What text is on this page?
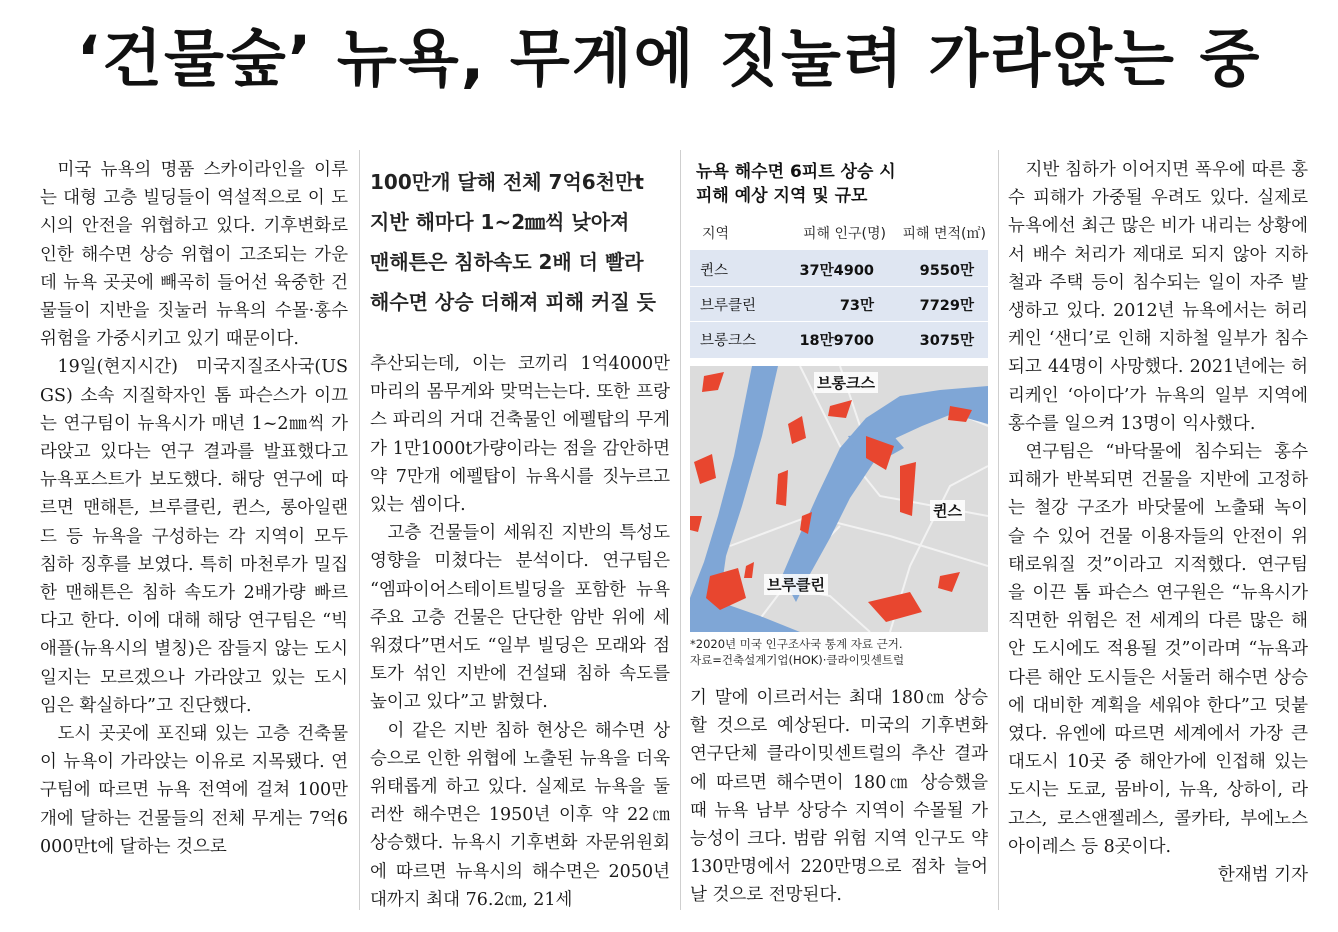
‘건물숲’ 뉴욕, 무게에 짓눌려 가라앉는 중

미국 뉴욕의 명품 스카이라인을 이루는 대형 고층 빌딩들이 역설적으로 이 도시의 안전을 위협하고 있다. 기후변화로 인한 해수면 상승 위협이 고조되는 가운데 뉴욕 곳곳에 빼곡히 들어선 육중한 건물들이 지반을 짓눌러 뉴욕의 수몰·홍수 위험을 가중시키고 있기 때문이다.

19일(현지시간) 미국지질조사국(USGS) 소속 지질학자인 톰 파슨스가 이끄는 연구팀이 뉴욕시가 매년 1~2㎜씩 가라앉고 있다는 연구 결과를 발표했다고 뉴욕포스트가 보도했다. 해당 연구에 따르면 맨해튼, 브루클린, 퀸스, 롱아일랜드 등 뉴욕을 구성하는 각 지역이 모두 침하 징후를 보였다. 특히 마천루가 밀집한 맨해튼은 침하 속도가 2배가량 빠르다고 한다. 이에 대해 해당 연구팀은 “빅애플(뉴욕시의 별칭)은 잠들지 않는 도시일지는 모르겠으나 가라앉고 있는 도시임은 확실하다”고 진단했다.

도시 곳곳에 포진돼 있는 고층 건축물이 뉴욕이 가라앉는 이유로 지목됐다. 연구팀에 따르면 뉴욕 전역에 걸쳐 100만개에 달하는 건물들의 전체 무게는 7억6000만t에 달하는 것으로

100만개 달해 전체 7억6천만t
지반 해마다 1~2㎜씩 낮아져
맨해튼은 침하속도 2배 더 빨라
해수면 상승 더해져 피해 커질 듯

추산되는데, 이는 코끼리 1억4000만 마리의 몸무게와 맞먹는는다. 또한 프랑스 파리의 거대 건축물인 에펠탑의 무게가 1만1000t가량이라는 점을 감안하면 약 7만개 에펠탑이 뉴욕시를 짓누르고 있는 셈이다.

고층 건물들이 세워진 지반의 특성도 영향을 미쳤다는 분석이다. 연구팀은 “엠파이어스테이트빌딩을 포함한 뉴욕 주요 고층 건물은 단단한 암반 위에 세워졌다”면서도 “일부 빌딩은 모래와 점토가 섞인 지반에 건설돼 침하 속도를 높이고 있다”고 밝혔다.

이 같은 지반 침하 현상은 해수면 상승으로 인한 위협에 노출된 뉴욕을 더욱 위태롭게 하고 있다. 실제로 뉴욕을 둘러싼 해수면은 1950년 이후 약 22㎝ 상승했다. 뉴욕시 기후변화 자문위원회에 따르면 뉴욕시의 해수면은 2050년대까지 최대 76.2㎝, 21세

뉴욕 해수면 6피트 상승 시
피해 예상 지역 및 규모
지역	피해 인구(명)	피해 면적(㎡)
퀸스	37만4900	9550만
브루클린	73만	7729만
브롱크스	18만9700	3075만
브롱크스
퀸스
브루클린
*2020년 미국 인구조사국 통계 자료 근거.
자료=건축설계기업(HOK)·클라이밋센트럴

기 말에 이르러서는 최대 180㎝ 상승할 것으로 예상된다. 미국의 기후변화 연구단체 클라이밋센트럴의 추산 결과에 따르면 해수면이 180㎝ 상승했을 때 뉴욕 남부 상당수 지역이 수몰될 가능성이 크다. 범람 위험 지역 인구도 약 130만명에서 220만명으로 점차 늘어날 것으로 전망된다.

지반 침하가 이어지면 폭우에 따른 홍수 피해가 가중될 우려도 있다. 실제로 뉴욕에선 최근 많은 비가 내리는 상황에서 배수 처리가 제대로 되지 않아 지하철과 주택 등이 침수되는 일이 자주 발생하고 있다. 2012년 뉴욕에서는 허리케인 ‘샌디’로 인해 지하철 일부가 침수되고 44명이 사망했다. 2021년에는 허리케인 ‘아이다’가 뉴욕의 일부 지역에 홍수를 일으켜 13명이 익사했다.

연구팀은 “바닥물에 침수되는 홍수 피해가 반복되면 건물을 지반에 고정하는 철강 구조가 바닷물에 노출돼 녹이 슬 수 있어 건물 이용자들의 안전이 위태로워질 것”이라고 지적했다. 연구팀을 이끈 톰 파슨스 연구원은 “뉴욕시가 직면한 위험은 전 세계의 다른 많은 해안 도시에도 적용될 것”이라며 “뉴욕과 다른 해안 도시들은 서둘러 해수면 상승에 대비한 계획을 세워야 한다”고 덧붙였다. 유엔에 따르면 세계에서 가장 큰 대도시 10곳 중 해안가에 인접해 있는 도시는 도쿄, 뭄바이, 뉴욕, 상하이, 라고스, 로스앤젤레스, 콜카타, 부에노스아이레스 등 8곳이다.

한재범 기자
